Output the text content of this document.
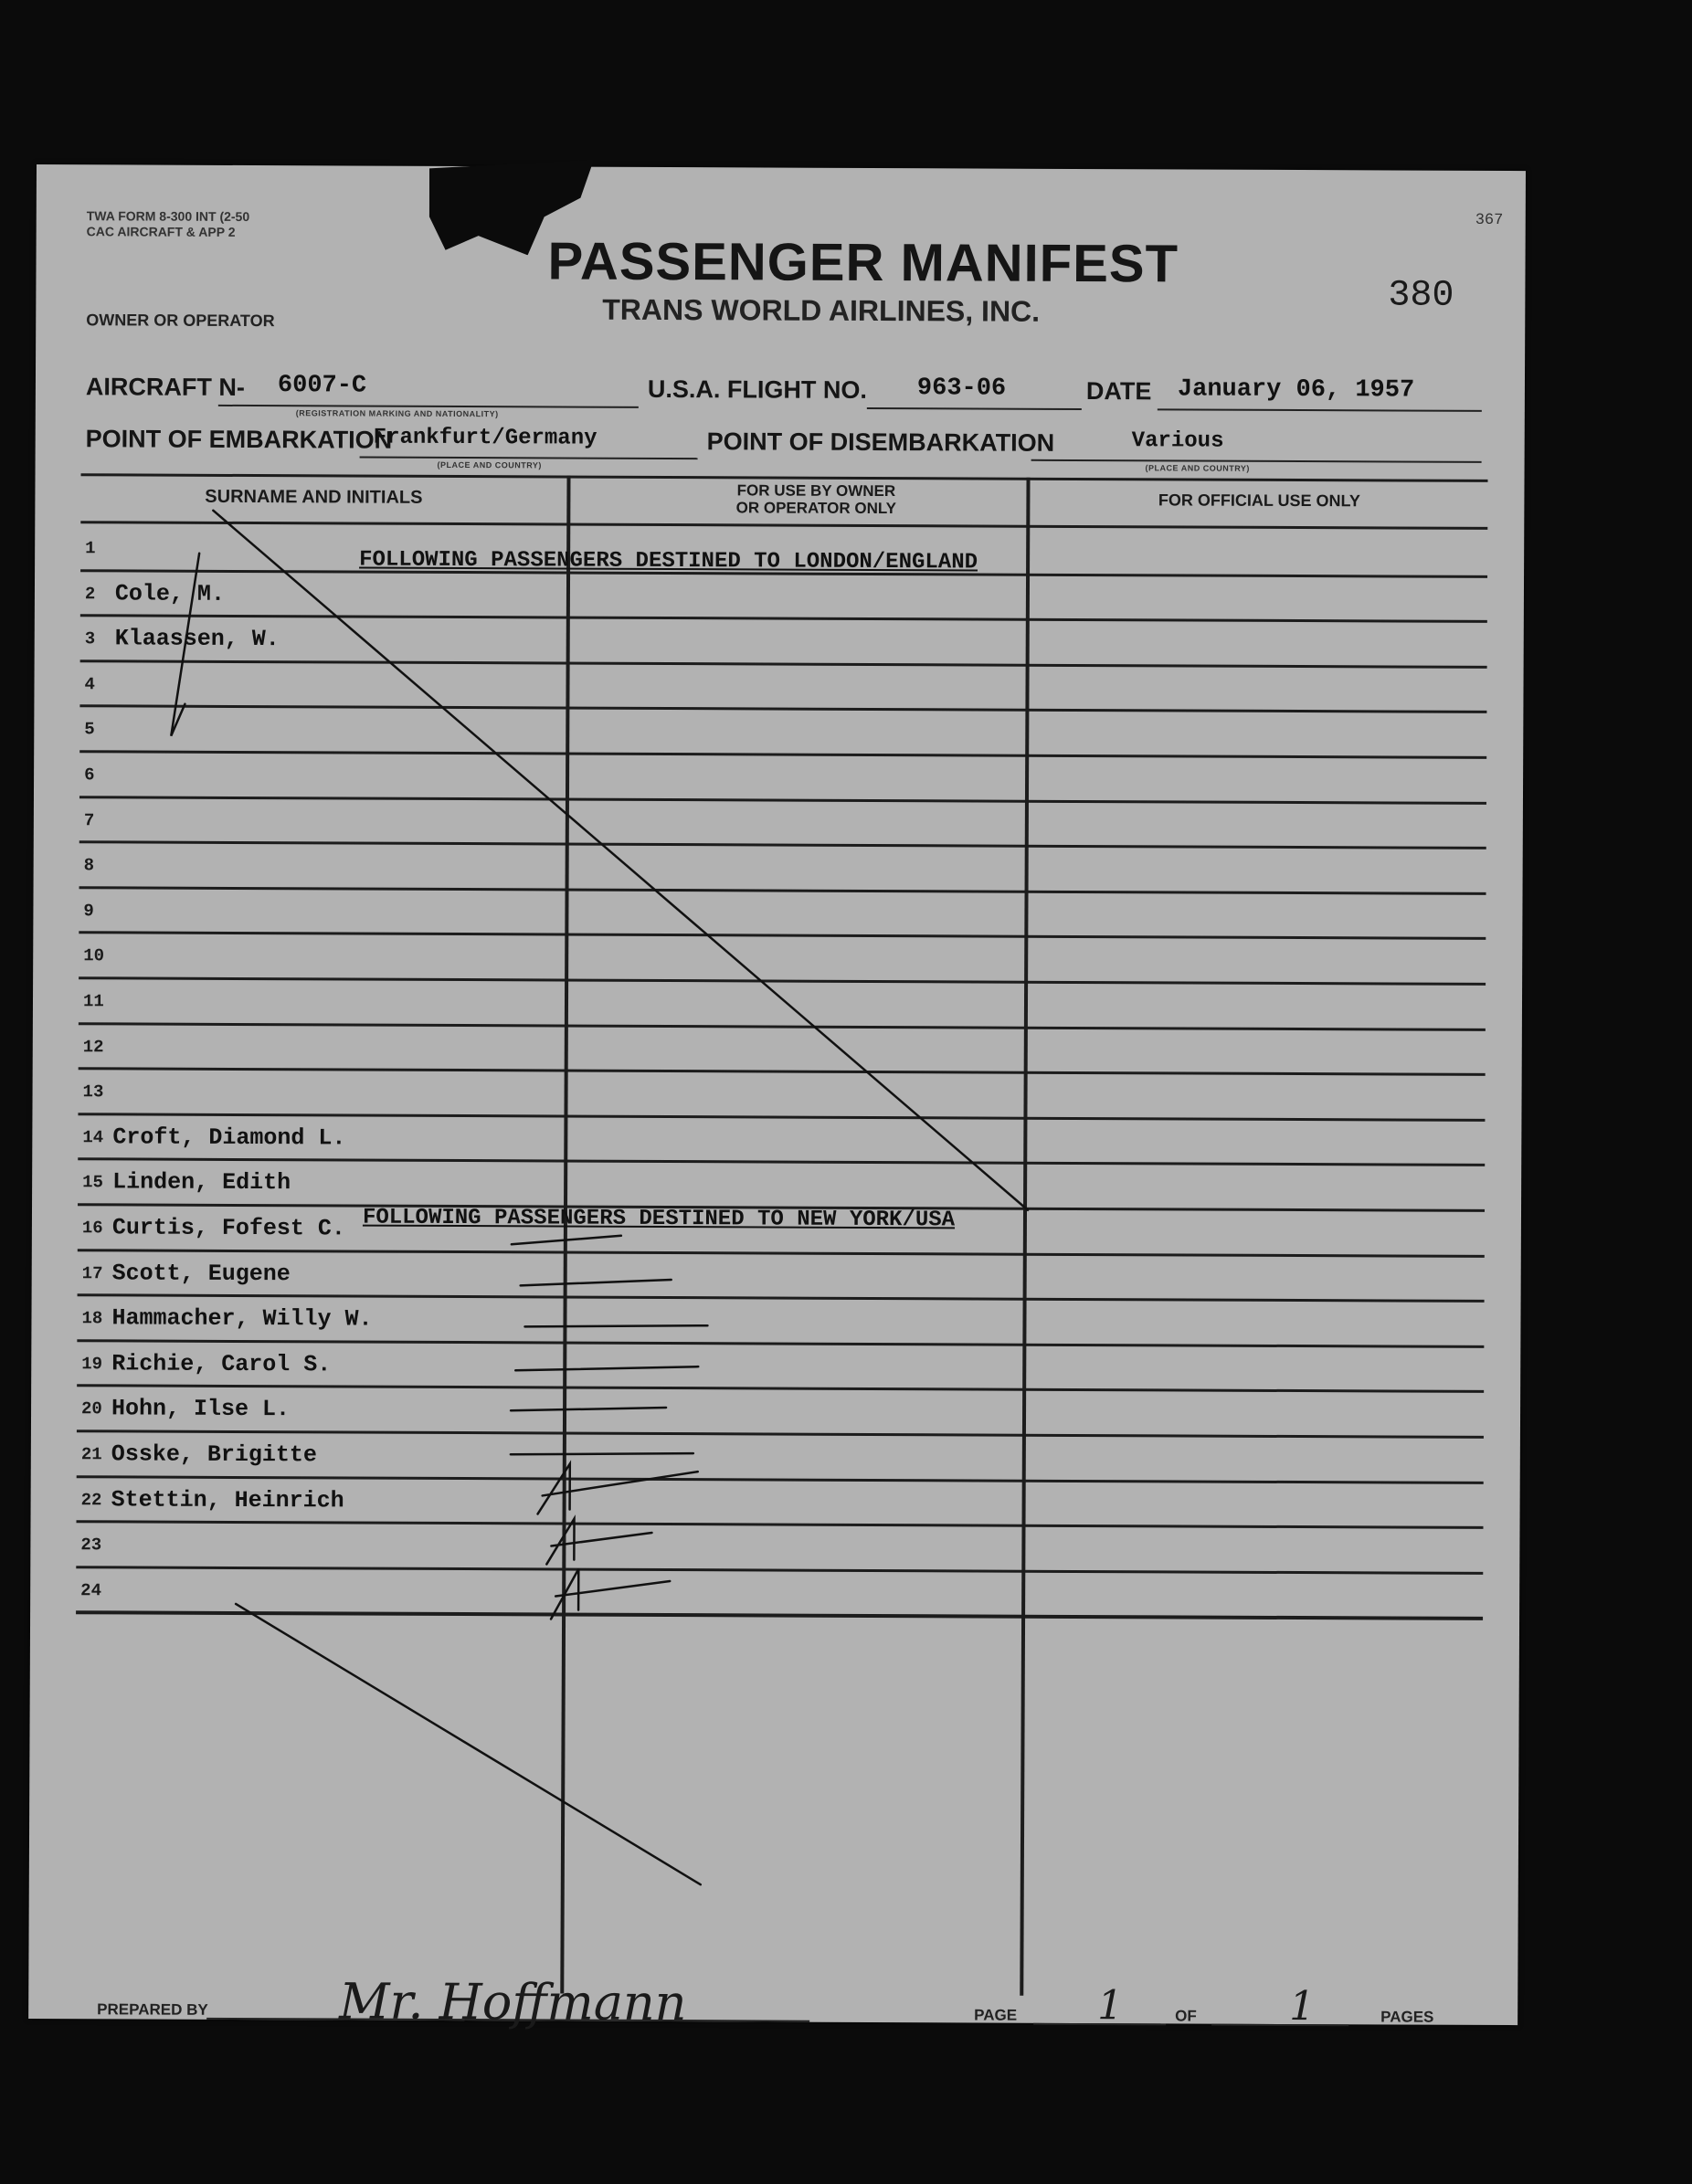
TWA FORM 8-300 INT (2-50
CAC AIRCRAFT & APP 2
367
PASSENGER MANIFEST
TRANS WORLD AIRLINES, INC.	380
OWNER OR OPERATOR
AIRCRAFT N- 6007-C
(REGISTRATION MARKING AND NATIONALITY)
U.S.A. FLIGHT NO. 963-06	DATE January 06, 1957
POINT OF EMBARKATION
Frankfurt/Germany
(PLACE AND COUNTRY)
POINT OF DISEMBARKATION	Various
(PLACE AND COUNTRY)
SURNAME AND INITIALS	FOR USE BY OWNER
OR OPERATOR ONLY	FOR OFFICIAL USE ONLY
1
2 Cole, M.
3 Klaassen, W.
4
5
6
7
8
9
10
11
12
13
14 Croft, Diamond L.
15 Linden, Edith
16 Curtis, Fofest C.
17 Scott, Eugene
18 Hammacher, Willy W.
19 Richie, Carol S.
20 Hohn, Ilse L.
21 Osske, Brigitte
22 Stettin, Heinrich
23
24
FOLLOWING PASSENGERS DESTINED TO LONDON/ENGLAND
FOLLOWING PASSENGERS DESTINED TO NEW YORK/USA
PREPARED BY	Mr. Hoffmann	PAGE 1	OF 1	PAGES
